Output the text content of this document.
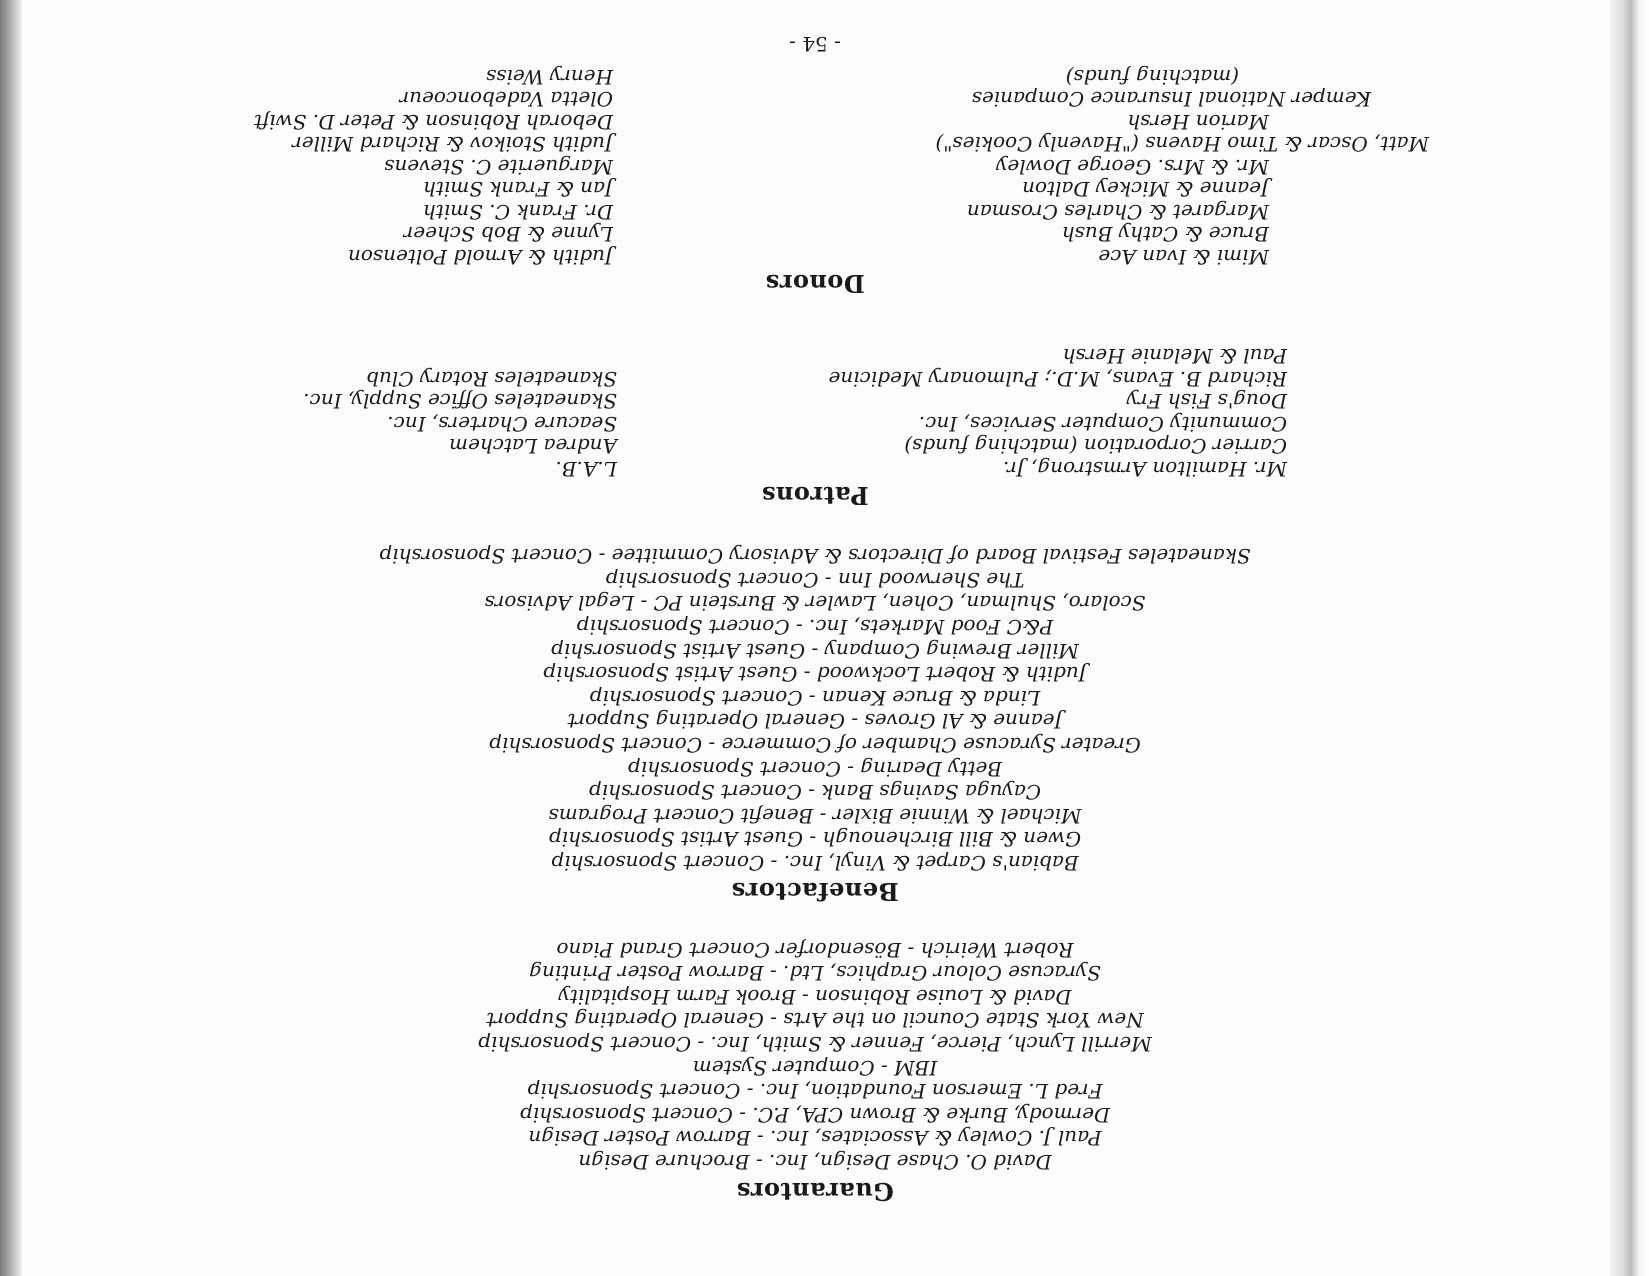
Guarantors
David O. Chase Design, Inc. - Brochure Design
Paul J. Cowley & Associates, Inc. - Barrow Poster Design
Dermody, Burke & Brown CPA, P.C. - Concert Sponsorship
Fred L. Emerson Foundation, Inc. - Concert Sponsorship
IBM - Computer System
Merrill Lynch, Pierce, Fenner & Smith, Inc. - Concert Sponsorship
New York State Council on the Arts - General Operating Support
David & Louise Robinson - Brook Farm Hospitality
Syracuse Colour Graphics, Ltd. - Barrow Poster Printing
Robert Weirich - Bösendorfer Concert Grand Piano
Benefactors
Babian's Carpet & Vinyl, Inc. - Concert Sponsorship
Gwen & Bill Birchenough - Guest Artist Sponsorship
Michael & Winnie Bixler - Benefit Concert Programs
Cayuga Savings Bank - Concert Sponsorship
Betty Dearing - Concert Sponsorship
Greater Syracuse Chamber of Commerce - Concert Sponsorship
Jeanne & Al Groves - General Operating Support
Linda & Bruce Kenan - Concert Sponsorship
Judith & Robert Lockwood - Guest Artist Sponsorship
Miller Brewing Company - Guest Artist Sponsorship
P&C Food Markets, Inc. - Concert Sponsorship
Scolaro, Shulman, Cohen, Lawler & Burstein PC - Legal Advisors
The Sherwood Inn - Concert Sponsorship
Skaneateles Festival Board of Directors & Advisory Committee - Concert Sponsorship
Patrons
Mr. Hamilton Armstrong, Jr.
Carrier Corporation (matching funds)
Community Computer Services, Inc.
Doug's Fish Fry
Richard B. Evans, M.D.; Pulmonary Medicine
Paul & Melanie Hersh
L.A.B.
Andrea Latchem
Seacure Charters, Inc.
Skaneateles Office Supply, Inc.
Skaneateles Rotary Club
Donors
Mimi & Ivan Ace
Bruce & Cathy Bush
Margaret & Charles Crosman
Jeanne & Mickey Dalton
Mr. & Mrs. George Dowley
Matt, Oscar & Timo Havens ("Havenly Cookies")
Marion Hersh
Kemper National Insurance Companies
(matching funds)
Judith & Arnold Poltenson
Lynne & Bob Scheer
Dr. Frank C. Smith
Jan & Frank Smith
Marguerite C. Stevens
Judith Stoikov & Richard Miller
Deborah Robinson & Peter D. Swift
Oletta Vadeboncoeur
Henry Weiss
- 54 -
